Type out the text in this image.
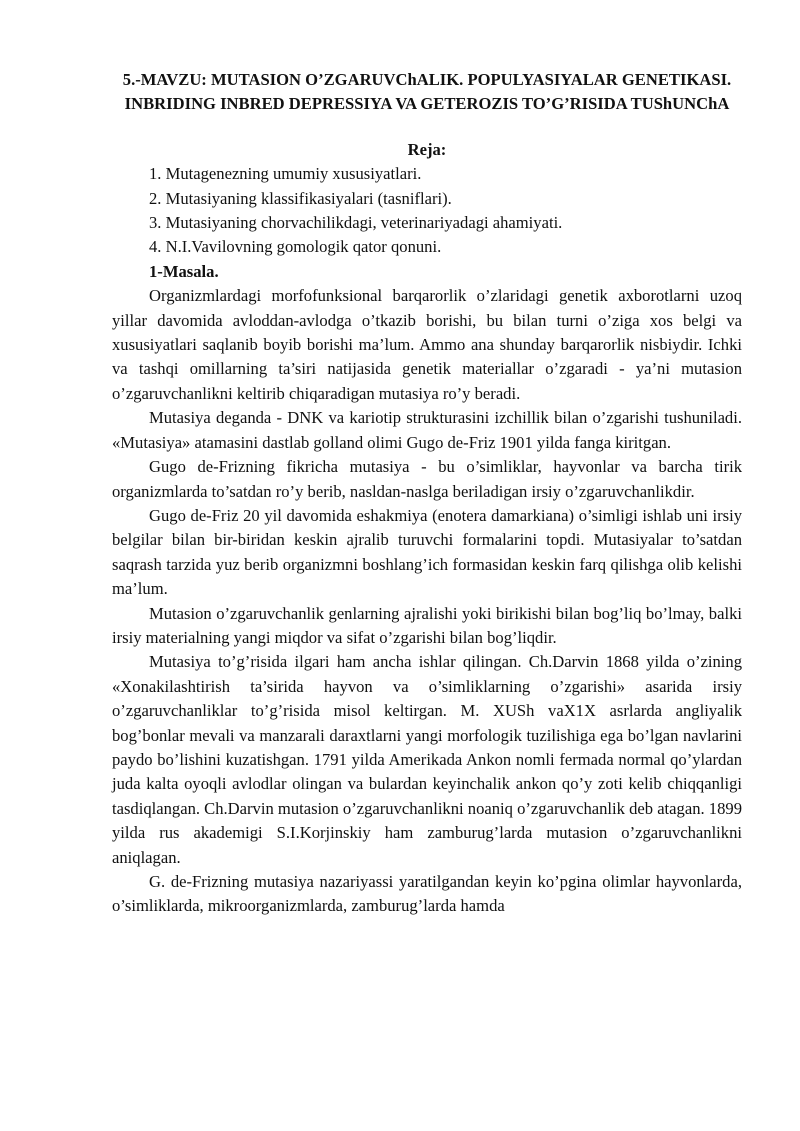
5.-MAVZU: MUTASION O’ZGARUVChALIK. POPULYASIYALAR GENETIKASI. INBRIDING INBRED DEPRESSIYA VA GETEROZIS TO’G’RISIDA TUShUNChA
Reja:
1. Mutagenezning umumiy xususiyatlari.
2. Mutasiyaning klassifikasiyalari (tasniflari).
3. Mutasiyaning chorvachilikdagi, veterinariyadagi ahamiyati.
4. N.I.Vavilovning gomologik qator qonuni.
1-Masala.

Organizmlardagi morfofunksional barqarorlik o’zlaridagi genetik axborotlarni uzoq yillar davomida avloddan-avlodga o’tkazib borishi, bu bilan turni o’ziga xos belgi va xususiyatlari saqlanib boyib borishi ma’lum. Ammo ana shunday barqarorlik nisbiydir. Ichki va tashqi omillarning ta’siri natijasida genetik materiallar o’zgaradi - ya’ni mutasion o’zgaruvchanlikni keltirib chiqaradigan mutasiya ro’y beradi.

Mutasiya deganda - DNK va kariotip strukturasini izchillik bilan o’zgarishi tushuniladi. «Mutasiya» atamasini dastlab golland olimi Gugo de-Friz 1901 yilda fanga kiritgan.

Gugo de-Frizning fikricha mutasiya - bu o’simliklar, hayvonlar va barcha tirik organizmlarda to’satdan ro’y berib, nasldan-naslga beriladigan irsiy o’zgaruvchanlikdir.

Gugo de-Friz 20 yil davomida eshakmiya (enotera damarkiana) o’simligi ishlab uni irsiy belgilar bilan bir-biridan keskin ajralib turuvchi formalarini topdi. Mutasiyalar to’satdan saqrash tarzida yuz berib organizmni boshlang’ich formasidan keskin farq qilishga olib kelishi ma’lum.

Mutasion o’zgaruvchanlik genlarning ajralishi yoki birikishi bilan bog’liq bo’lmay, balki irsiy materialning yangi miqdor va sifat o’zgarishi bilan bog’liqdir.

Mutasiya to’g’risida ilgari ham ancha ishlar qilingan. Ch.Darvin 1868 yilda o’zining «Xonakilashtirish ta’sirida hayvon va o’simliklarning o’zgarishi» asarida irsiy o’zgaruvchanliklar to’g’risida misol keltirgan. M. XUSh vaX1X asrlarda angliyalik bog’bonlar mevali va manzarali daraxtlarni yangi morfologik tuzilishiga ega bo’lgan navlarini paydo bo’lishini kuzatishgan. 1791 yilda Amerikada Ankon nomli fermada normal qo’ylardan juda kalta oyoqli avlodlar olingan va bulardan keyinchalik ankon qo’y zoti kelib chiqqanligi tasdiqlangan. Ch.Darvin mutasion o’zgaruvchanlikni noaniq o’zgaruvchanlik deb atagan. 1899 yilda rus akademigi S.I.Korjinskiy ham zamburug’larda mutasion o’zgaruvchanlikni aniqlagan.

G. de-Frizning mutasiya nazariyassi yaratilgandan keyin ko’pgina olimlar hayvonlarda, o’simliklarda, mikroorganizmlarda, zamburug’larda hamda
